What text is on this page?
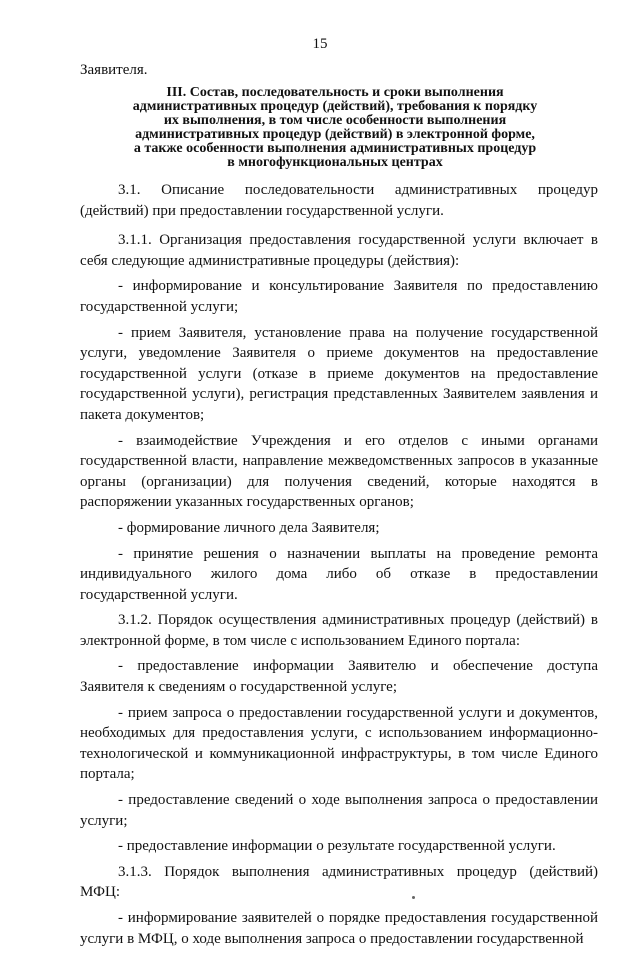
15
Заявителя.
III. Состав, последовательность и сроки выполнения
административных процедур (действий), требования к порядку
их выполнения, в том числе особенности выполнения
административных процедур (действий) в электронной форме,
а также особенности выполнения административных процедур
в многофункциональных центрах

3.1. Описание последовательности административных процедур (действий) при предоставлении государственной услуги.

3.1.1. Организация предоставления государственной услуги включает в себя следующие административные процедуры (действия):

- информирование и консультирование Заявителя по предоставлению государственной услуги;

- прием Заявителя, установление права на получение государственной услуги, уведомление Заявителя о приеме документов на предоставление государственной услуги (отказе в приеме документов на предоставление государственной услуги), регистрация представленных Заявителем заявления и пакета документов;

- взаимодействие Учреждения и его отделов с иными органами государственной власти, направление межведомственных запросов в указанные органы (организации) для получения сведений, которые находятся в распоряжении указанных государственных органов;

- формирование личного дела Заявителя;

- принятие решения о назначении выплаты на проведение ремонта индивидуального жилого дома либо об отказе в предоставлении государственной услуги.

3.1.2. Порядок осуществления административных процедур (действий) в электронной форме, в том числе с использованием Единого портала:

- предоставление информации Заявителю и обеспечение доступа Заявителя к сведениям о государственной услуге;

- прием запроса о предоставлении государственной услуги и документов, необходимых для предоставления услуги, с использованием информационно-технологической и коммуникационной инфраструктуры, в том числе Единого портала;

- предоставление сведений о ходе выполнения запроса о предоставлении услуги;

- предоставление информации о результате государственной услуги.

3.1.3. Порядок выполнения административных процедур (действий) МФЦ:

- информирование заявителей о порядке предоставления государственной услуги в МФЦ, о ходе выполнения запроса о предоставлении государственной
